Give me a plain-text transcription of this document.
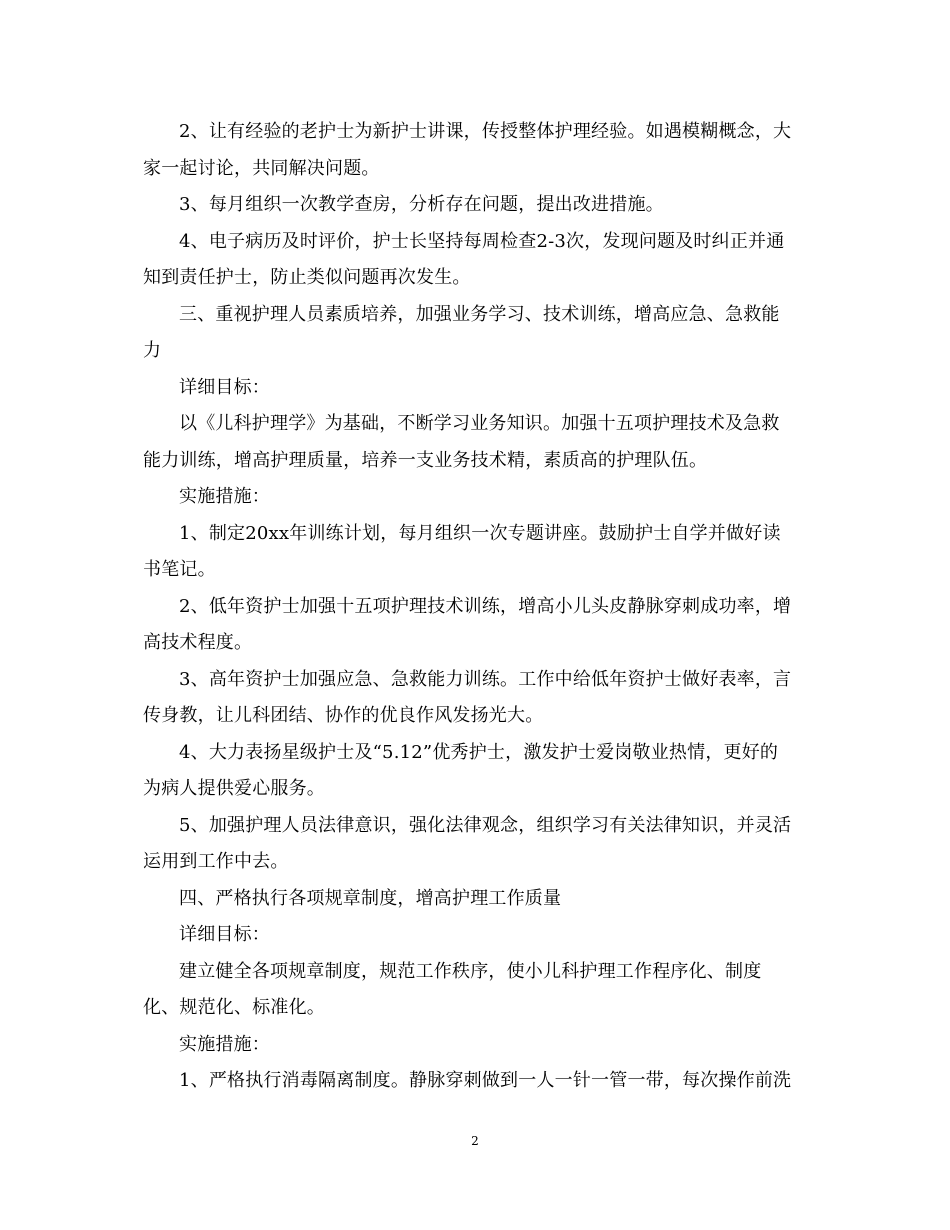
2、让有经验的老护士为新护士讲课，传授整体护理经验。如遇模糊概念，大
家一起讨论，共同解决问题。
3、每月组织一次教学查房，分析存在问题，提出改进措施。
4、电子病历及时评价，护士长坚持每周检查2-3次，发现问题及时纠正并通
知到责任护士，防止类似问题再次发生。
三、重视护理人员素质培养，加强业务学习、技术训练，增高应急、急救能
力
详细目标：
以《儿科护理学》为基础，不断学习业务知识。加强十五项护理技术及急救
能力训练，增高护理质量，培养一支业务技术精，素质高的护理队伍。
实施措施：
1、制定20xx年训练计划，每月组织一次专题讲座。鼓励护士自学并做好读
书笔记。
2、低年资护士加强十五项护理技术训练，增高小儿头皮静脉穿刺成功率，增
高技术程度。
3、高年资护士加强应急、急救能力训练。工作中给低年资护士做好表率，言
传身教，让儿科团结、协作的优良作风发扬光大。
4、大力表扬星级护士及“5.12”优秀护士，激发护士爱岗敬业热情，更好的
为病人提供爱心服务。
5、加强护理人员法律意识，强化法律观念，组织学习有关法律知识，并灵活
运用到工作中去。
四、严格执行各项规章制度，增高护理工作质量
详细目标：
建立健全各项规章制度，规范工作秩序，使小儿科护理工作程序化、制度
化、规范化、标准化。
实施措施：
1、严格执行消毒隔离制度。静脉穿刺做到一人一针一管一带，每次操作前洗
2
